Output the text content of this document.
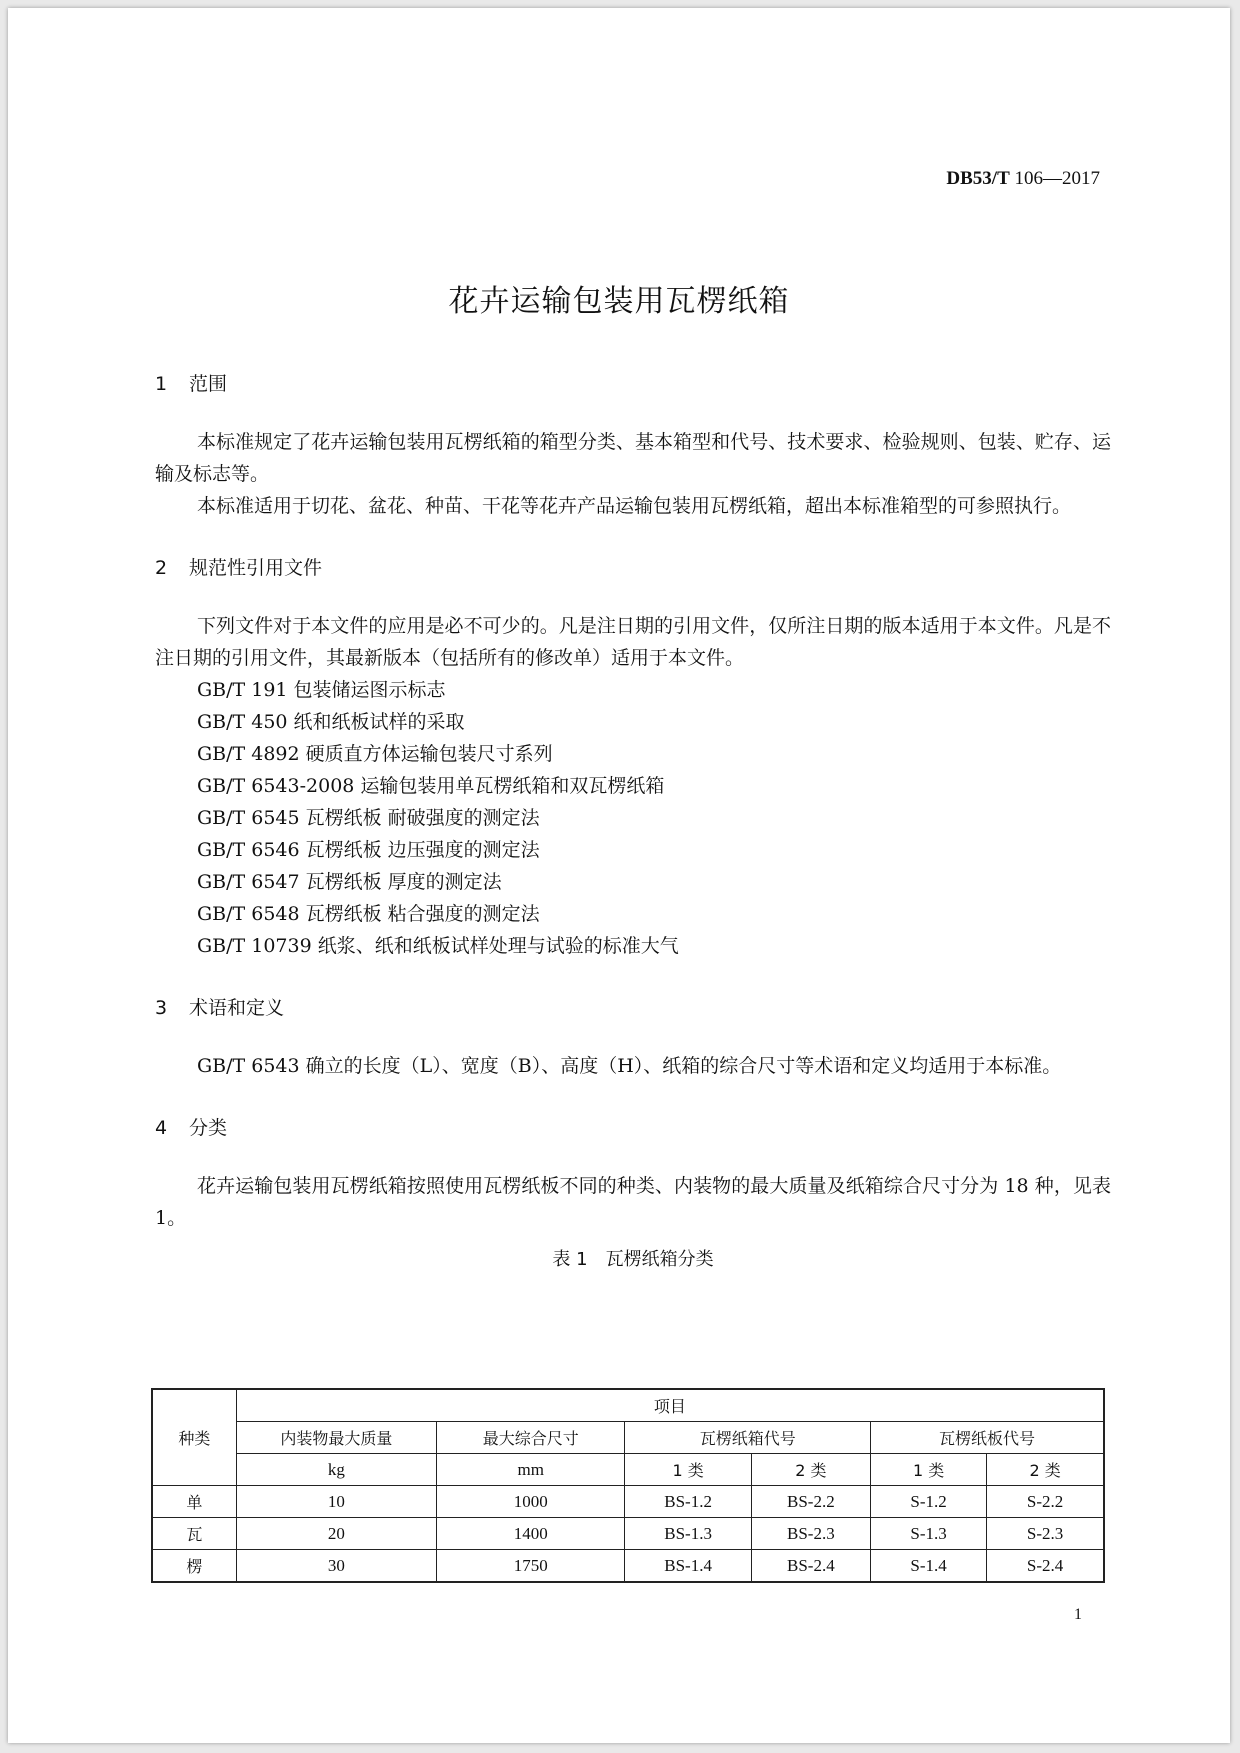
DB53/T 106—2017
花卉运输包装用瓦楞纸箱
1 范围

本标准规定了花卉运输包装用瓦楞纸箱的箱型分类、基本箱型和代号、技术要求、检验规则、包装、贮存、运输及标志等。

本标准适用于切花、盆花、种苗、干花等花卉产品运输包装用瓦楞纸箱，超出本标准箱型的可参照执行。

2 规范性引用文件

下列文件对于本文件的应用是必不可少的。凡是注日期的引用文件，仅所注日期的版本适用于本文件。凡是不注日期的引用文件，其最新版本（包括所有的修改单）适用于本文件。

GB/T 191 包装储运图示标志

GB/T 450 纸和纸板试样的采取

GB/T 4892 硬质直方体运输包装尺寸系列

GB/T 6543-2008 运输包装用单瓦楞纸箱和双瓦楞纸箱

GB/T 6545 瓦楞纸板 耐破强度的测定法

GB/T 6546 瓦楞纸板 边压强度的测定法

GB/T 6547 瓦楞纸板 厚度的测定法

GB/T 6548 瓦楞纸板 粘合强度的测定法

GB/T 10739 纸浆、纸和纸板试样处理与试验的标准大气

3 术语和定义

GB/T 6543 确立的长度（L）、宽度（B）、高度（H）、纸箱的综合尺寸等术语和定义均适用于本标准。

4 分类

花卉运输包装用瓦楞纸箱按照使用瓦楞纸板不同的种类、内装物的最大质量及纸箱综合尺寸分为 18 种，见表 1。

表 1 瓦楞纸箱分类
种类	项目					
	内装物最大质量	最大综合尺寸	瓦楞纸箱代号		瓦楞纸板代号	
	kg	mm	1 类	2 类	1 类	2 类
单	10	1000	BS-1.2	BS-2.2	S-1.2	S-2.2
瓦	20	1400	BS-1.3	BS-2.3	S-1.3	S-2.3
楞	30	1750	BS-1.4	BS-2.4	S-1.4	S-2.4
1
